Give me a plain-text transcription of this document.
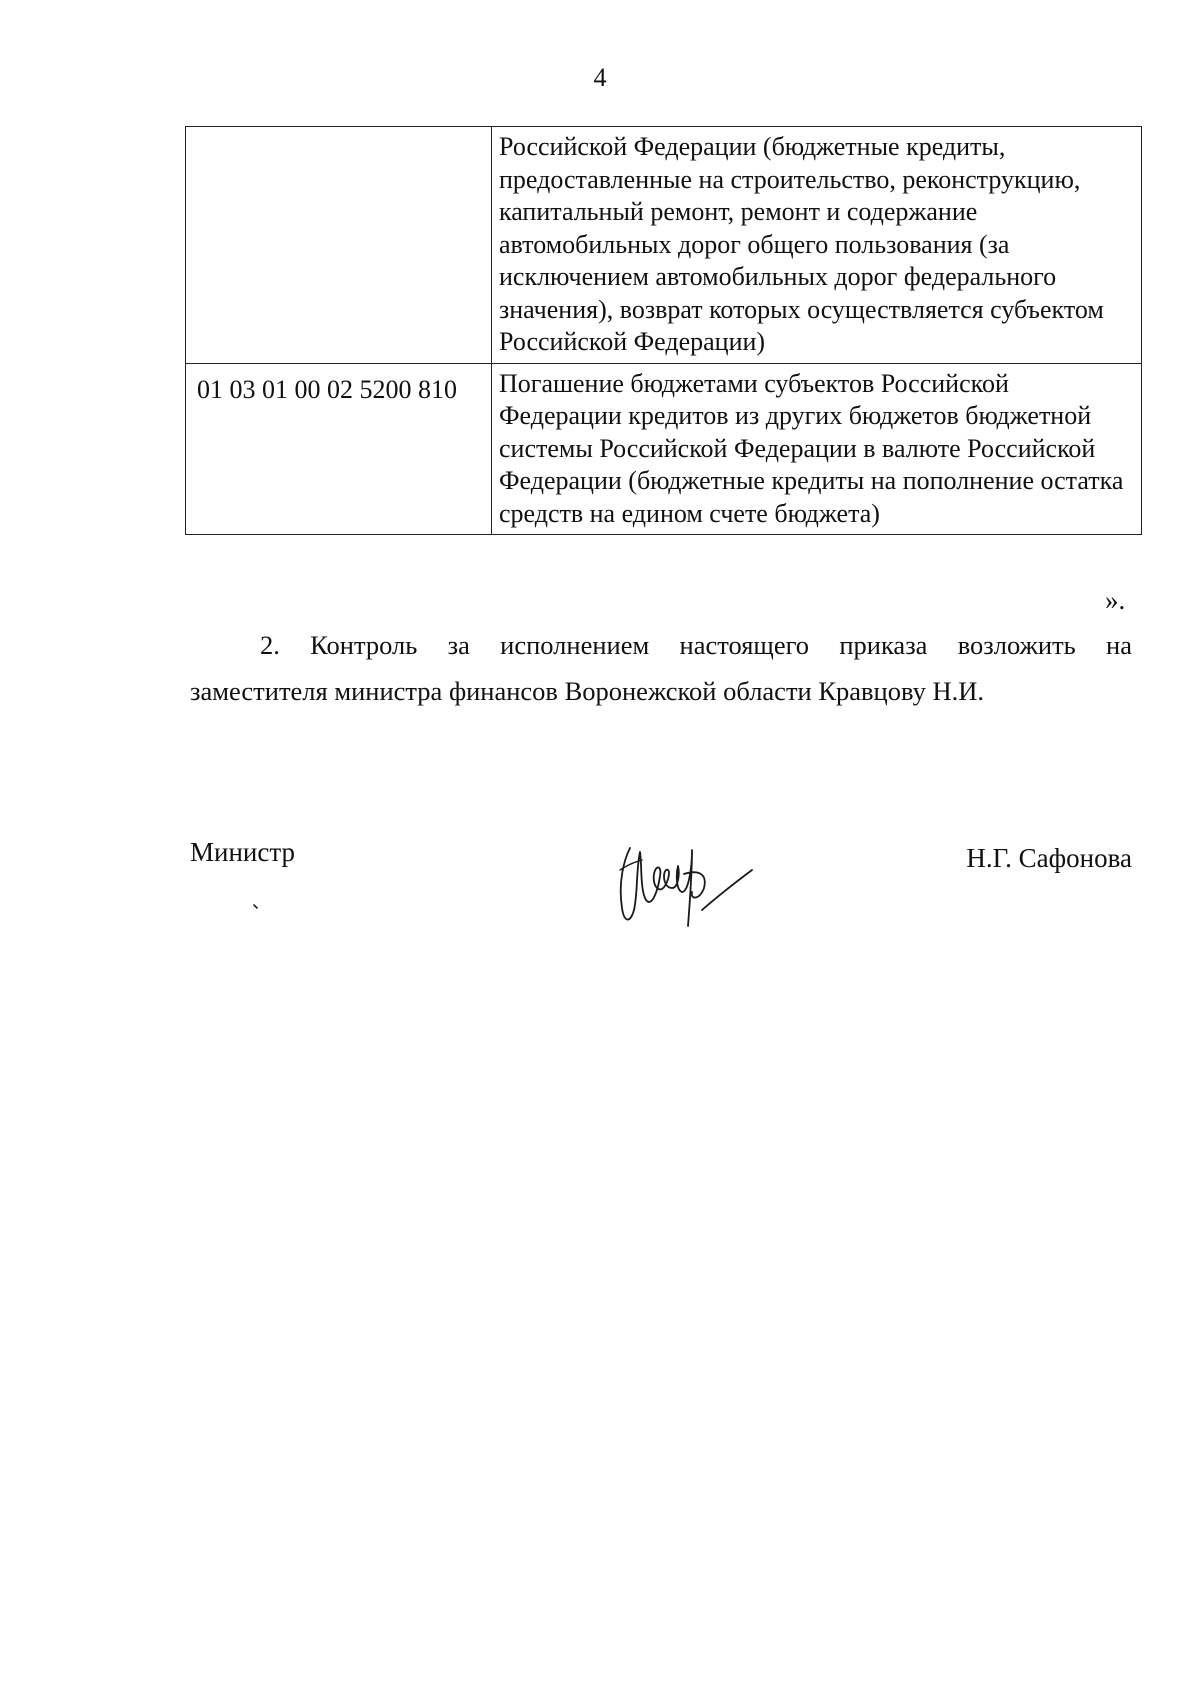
4
	Российской Федерации (бюджетные кредиты, предоставленные на строительство, реконструкцию, капитальный ремонт, ремонт и содержание автомобильных дорог общего пользования (за исключением автомобильных дорог федерального значения), возврат которых осуществляется субъектом Российской Федерации)
01 03 01 00 02 5200 810	Погашение бюджетами субъектов Российской Федерации кредитов из других бюджетов бюджетной системы Российской Федерации в валюте Российской Федерации (бюджетные кредиты на пополнение остатка средств на едином счете бюджета)
».
2. Контроль за исполнением настоящего приказа возложить на
заместителя министра финансов Воронежской области Кравцову Н.И.
Министр	Н.Г. Сафонова
